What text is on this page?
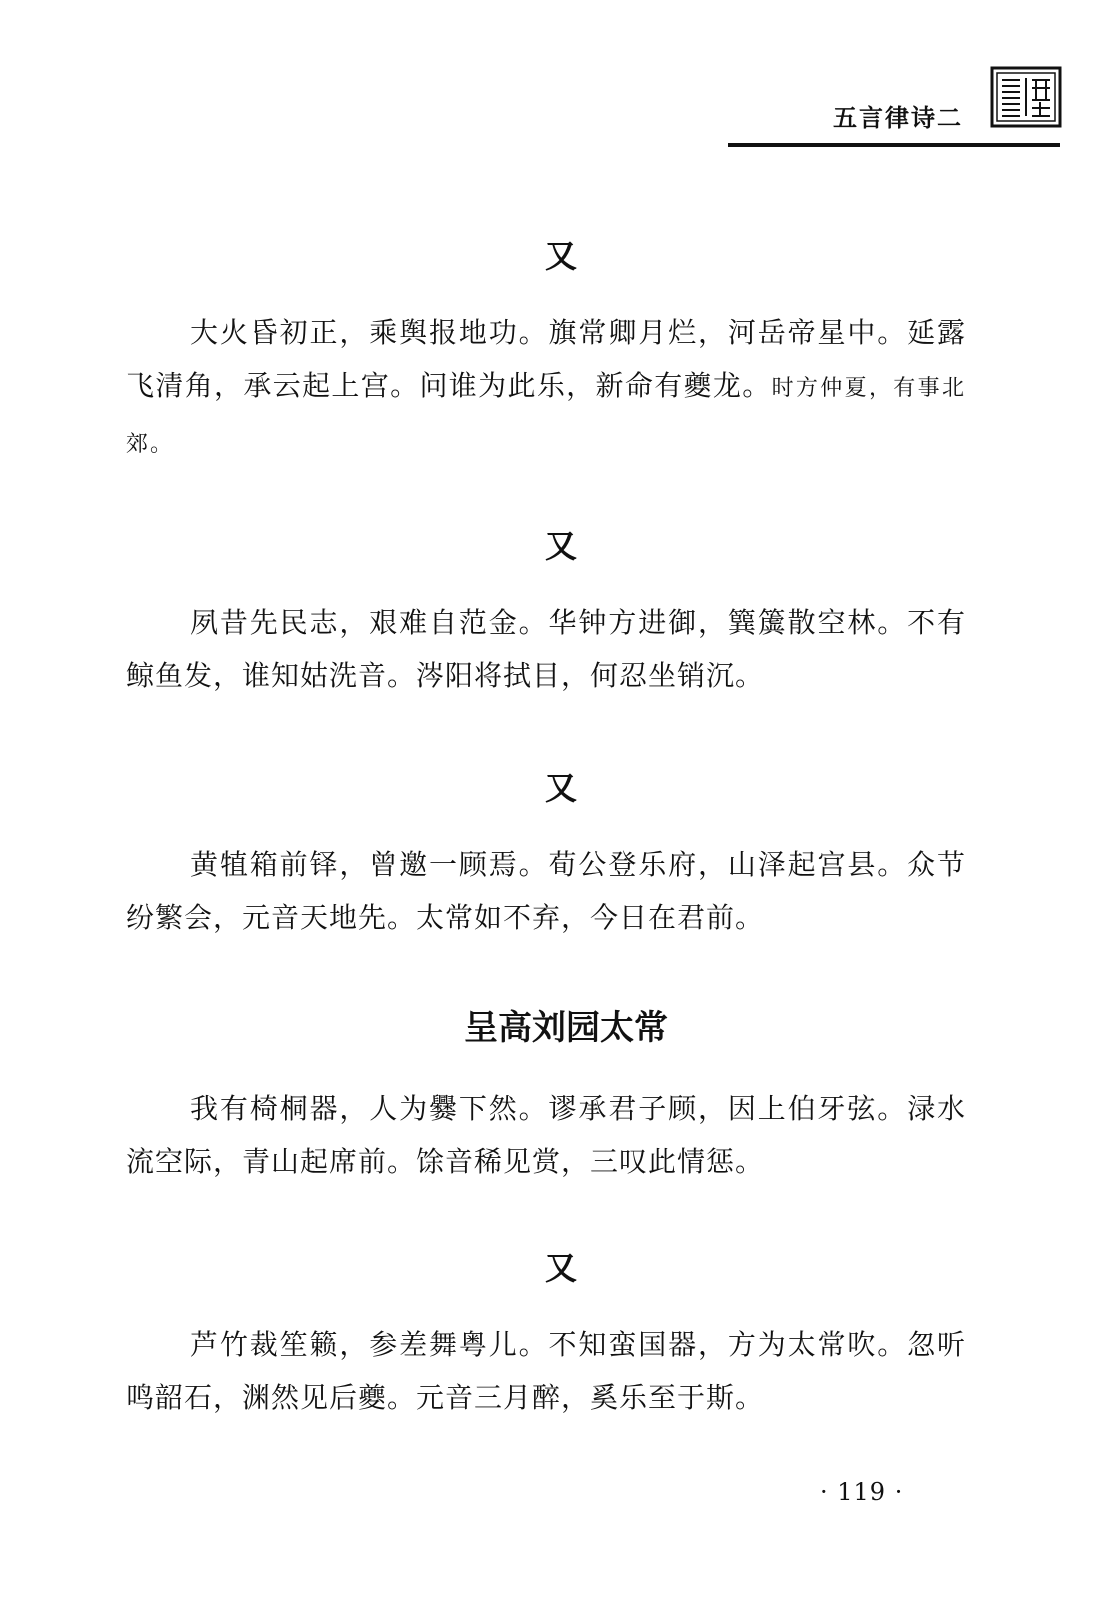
五言律诗二
又

大火昏初正，乘舆报地功。旗常卿月烂，河岳帝星中。延露飞清角，承云起上宫。问谁为此乐，新命有夔龙。时方仲夏，有事北郊。

又

夙昔先民志，艰难自范金。华钟方进御，簨簴散空林。不有鲸鱼发，谁知姑洗音。涔阳将拭目，何忍坐销沉。

又

黄犆箱前铎，曾邀一顾焉。荀公登乐府，山泽起宫县。众节纷繁会，元音天地先。太常如不弃，今日在君前。

呈高刘园太常

我有椅桐器，人为爨下然。谬承君子顾，因上伯牙弦。渌水流空际，青山起席前。馀音稀见赏，三叹此情惩。

又

芦竹裁笙籁，参差舞粤儿。不知蛮国器，方为太常吹。忽听鸣韶石，渊然见后夔。元音三月醉，奚乐至于斯。

· 119 ·
